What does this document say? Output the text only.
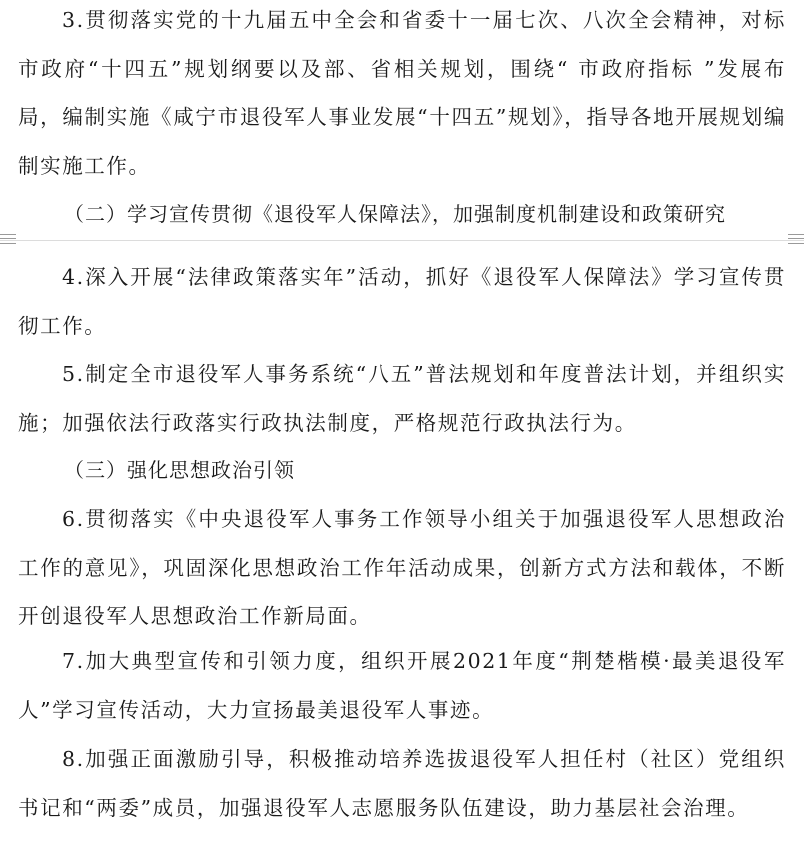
3.贯彻落实党的十九届五中全会和省委十一届七次、八次全会精神，对标市政府“十四五”规划纲要以及部、省相关规划，围绕“ 市政府指标 ”发展布局，编制实施《咸宁市退役军人事业发展“十四五”规划》，指导各地开展规划编制实施工作。

（二）学习宣传贯彻《退役军人保障法》，加强制度机制建设和政策研究

4.深入开展“法律政策落实年”活动，抓好《退役军人保障法》学习宣传贯彻工作。

5.制定全市退役军人事务系统“八五”普法规划和年度普法计划，并组织实施；加强依法行政落实行政执法制度，严格规范行政执法行为。

（三）强化思想政治引领

6.贯彻落实《中央退役军人事务工作领导小组关于加强退役军人思想政治工作的意见》，巩固深化思想政治工作年活动成果，创新方式方法和载体，不断开创退役军人思想政治工作新局面。

7.加大典型宣传和引领力度，组织开展2021年度“荆楚楷模·最美退役军人”学习宣传活动，大力宣扬最美退役军人事迹。

8.加强正面激励引导，积极推动培养选拔退役军人担任村（社区）党组织书记和“两委”成员，加强退役军人志愿服务队伍建设，助力基层社会治理。
